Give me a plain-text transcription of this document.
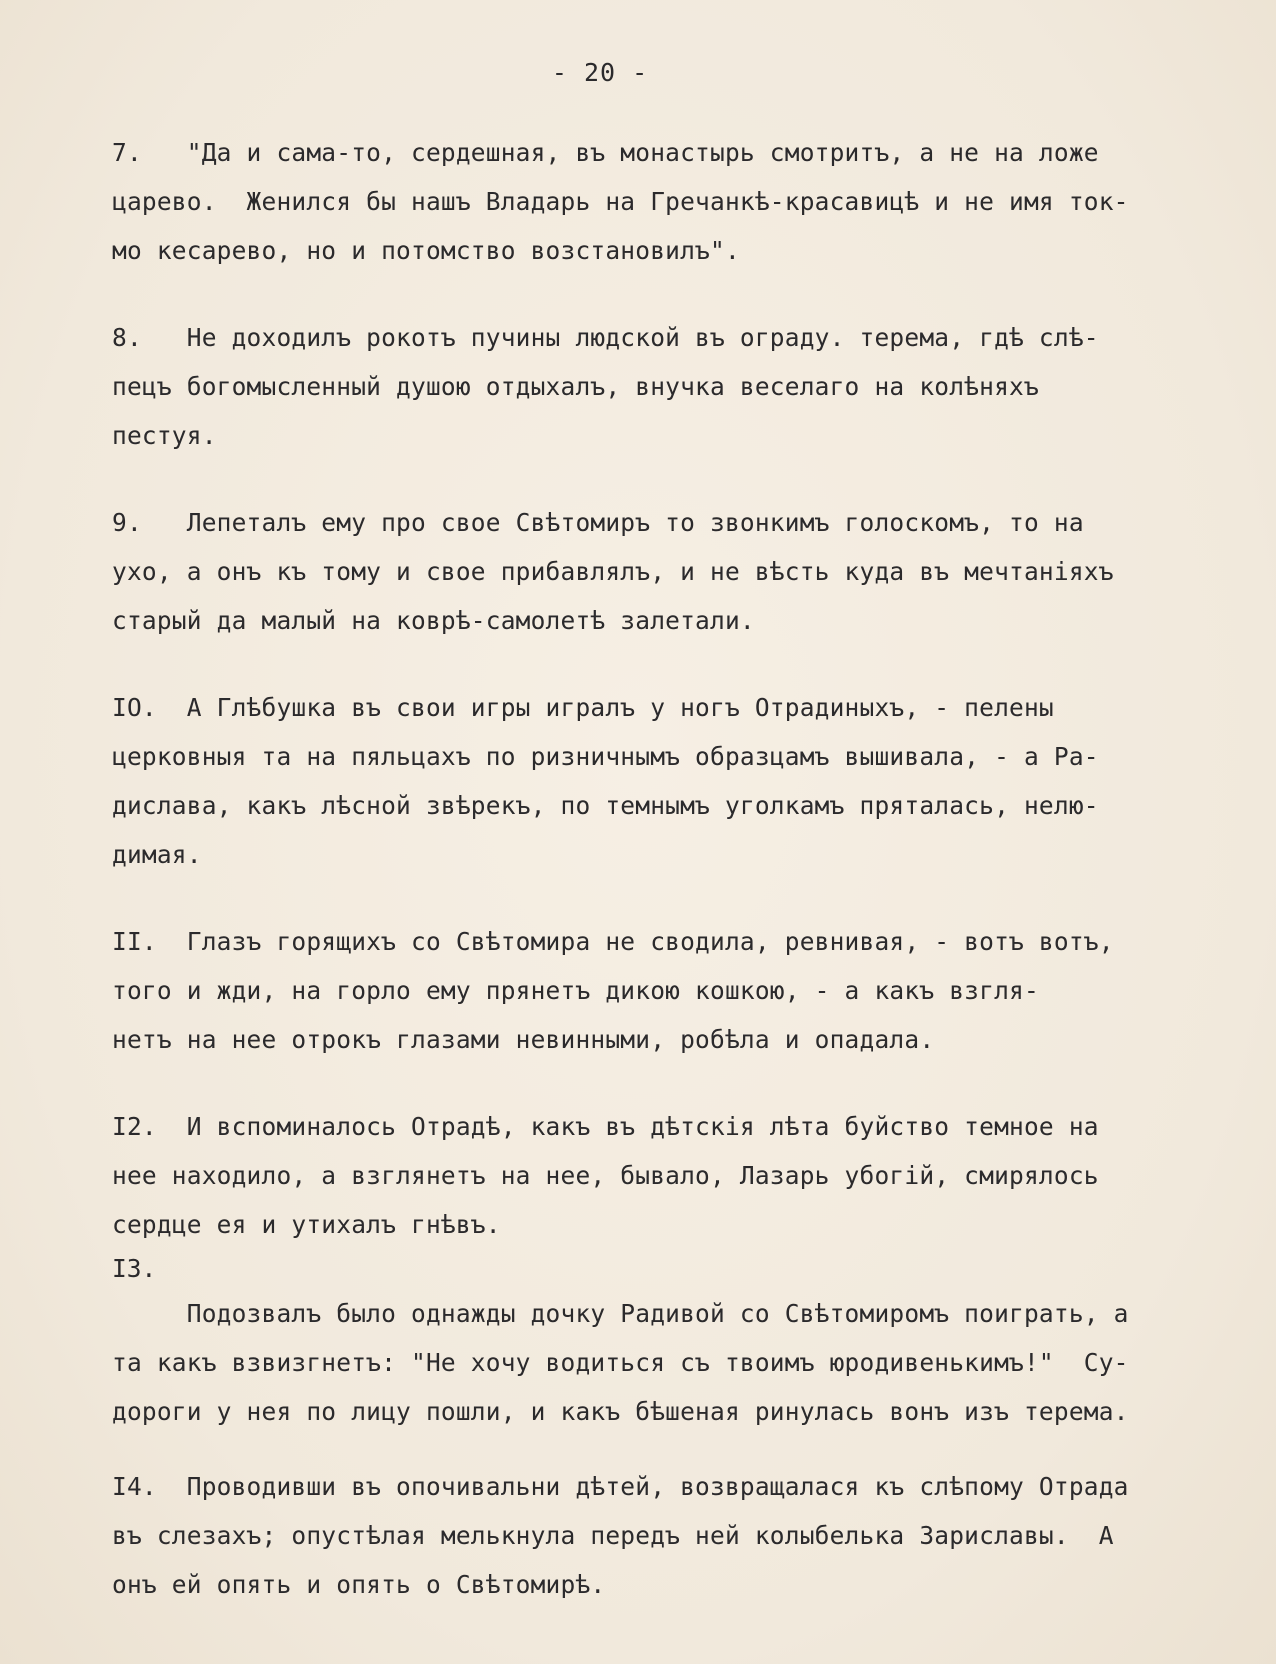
- 20 -
7.   "Да и сама-то, сердешная, въ монастырь смотритъ, а не на ложе
царево.  Женился бы нашъ Владарь на Гречанкѣ-красавицѣ и не имя ток-
мо кесарево, но и потомство возстановилъ".
8.   Не доходилъ рокотъ пучины людской въ ограду. терема, гдѣ слѣ-
пецъ богомысленный душою отдыхалъ, внучка веселаго на колѣняхъ
пестуя.
9.   Лепеталъ ему про свое Свѣтомиръ то звонкимъ голоскомъ, то на
ухо, а онъ къ тому и свое прибавлялъ, и не вѣсть куда въ мечтанiяхъ
старый да малый на коврѣ-самолетѣ залетали.
IO.  А Глѣбушка въ свои игры игралъ у ногъ Отрадиныхъ, - пелены
церковныя та на пяльцахъ по ризничнымъ образцамъ вышивала, - а Ра-
дислава, какъ лѣсной звѣрекъ, по темнымъ уголкамъ пряталась, нелю-
димая.
II.  Глазъ горящихъ со Свѣтомира не сводила, ревнивая, - вотъ вотъ,
того и жди, на горло ему прянетъ дикою кошкою, - а какъ взгля-
нетъ на нее отрокъ глазами невинными, робѣла и опадала.
I2.  И вспоминалось Отрадѣ, какъ въ дѣтскiя лѣта буйство темное на
нее находило, а взглянетъ на нее, бывало, Лазарь убогiй, смирялось
сердце ея и утихалъ гнѣвъ.
I3.
Подозвалъ было однажды дочку Радивой со Свѣтомиромъ поиграть, а
та какъ взвизгнетъ: "Не хочу водиться съ твоимъ юродивенькимъ!"  Су-
дороги у нея по лицу пошли, и какъ бѣшеная ринулась вонъ изъ терема.
I4.  Проводивши въ опочивальни дѣтей, возвращалася къ слѣпому Отрада
въ слезахъ; опустѣлая мелькнула передъ ней колыбелька Зариславы.  А
онъ ей опять и опять о Свѣтомирѣ.
